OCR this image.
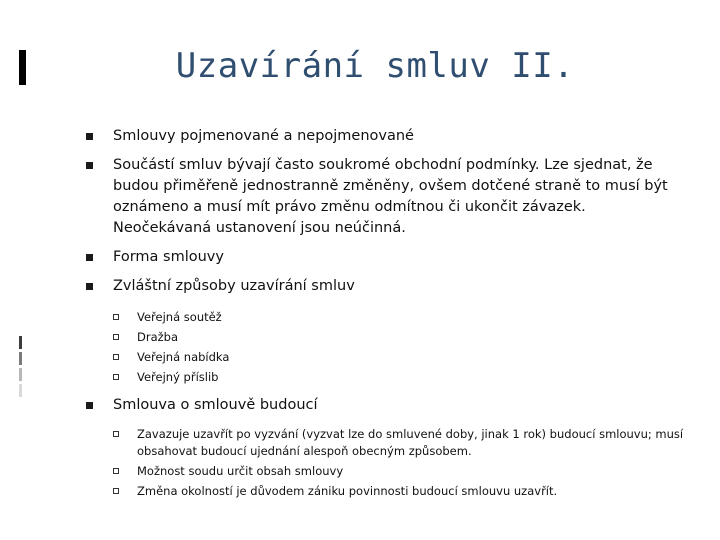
Uzavírání smluv II.
Smlouvy pojmenované a nepojmenované
Součástí smluv bývají často soukromé obchodní podmínky. Lze sjednat, že budou přiměřeně jednostranně změněny, ovšem dotčené straně to musí být oznámeno a musí mít právo změnu odmítnou či ukončit závazek. Neočekávaná ustanovení jsou neúčinná.
Forma smlouvy
Zvláštní způsoby uzavírání smluv
Veřejná soutěž
Dražba
Veřejná nabídka
Veřejný příslib
Smlouva o smlouvě budoucí
Zavazuje uzavřít po vyzvání (vyzvat lze do smluvené doby, jinak 1 rok) budoucí smlouvu; musí obsahovat budoucí ujednání alespoň obecným způsobem.
Možnost soudu určit obsah smlouvy
Změna okolností je důvodem zániku povinnosti budoucí smlouvu uzavřít.
